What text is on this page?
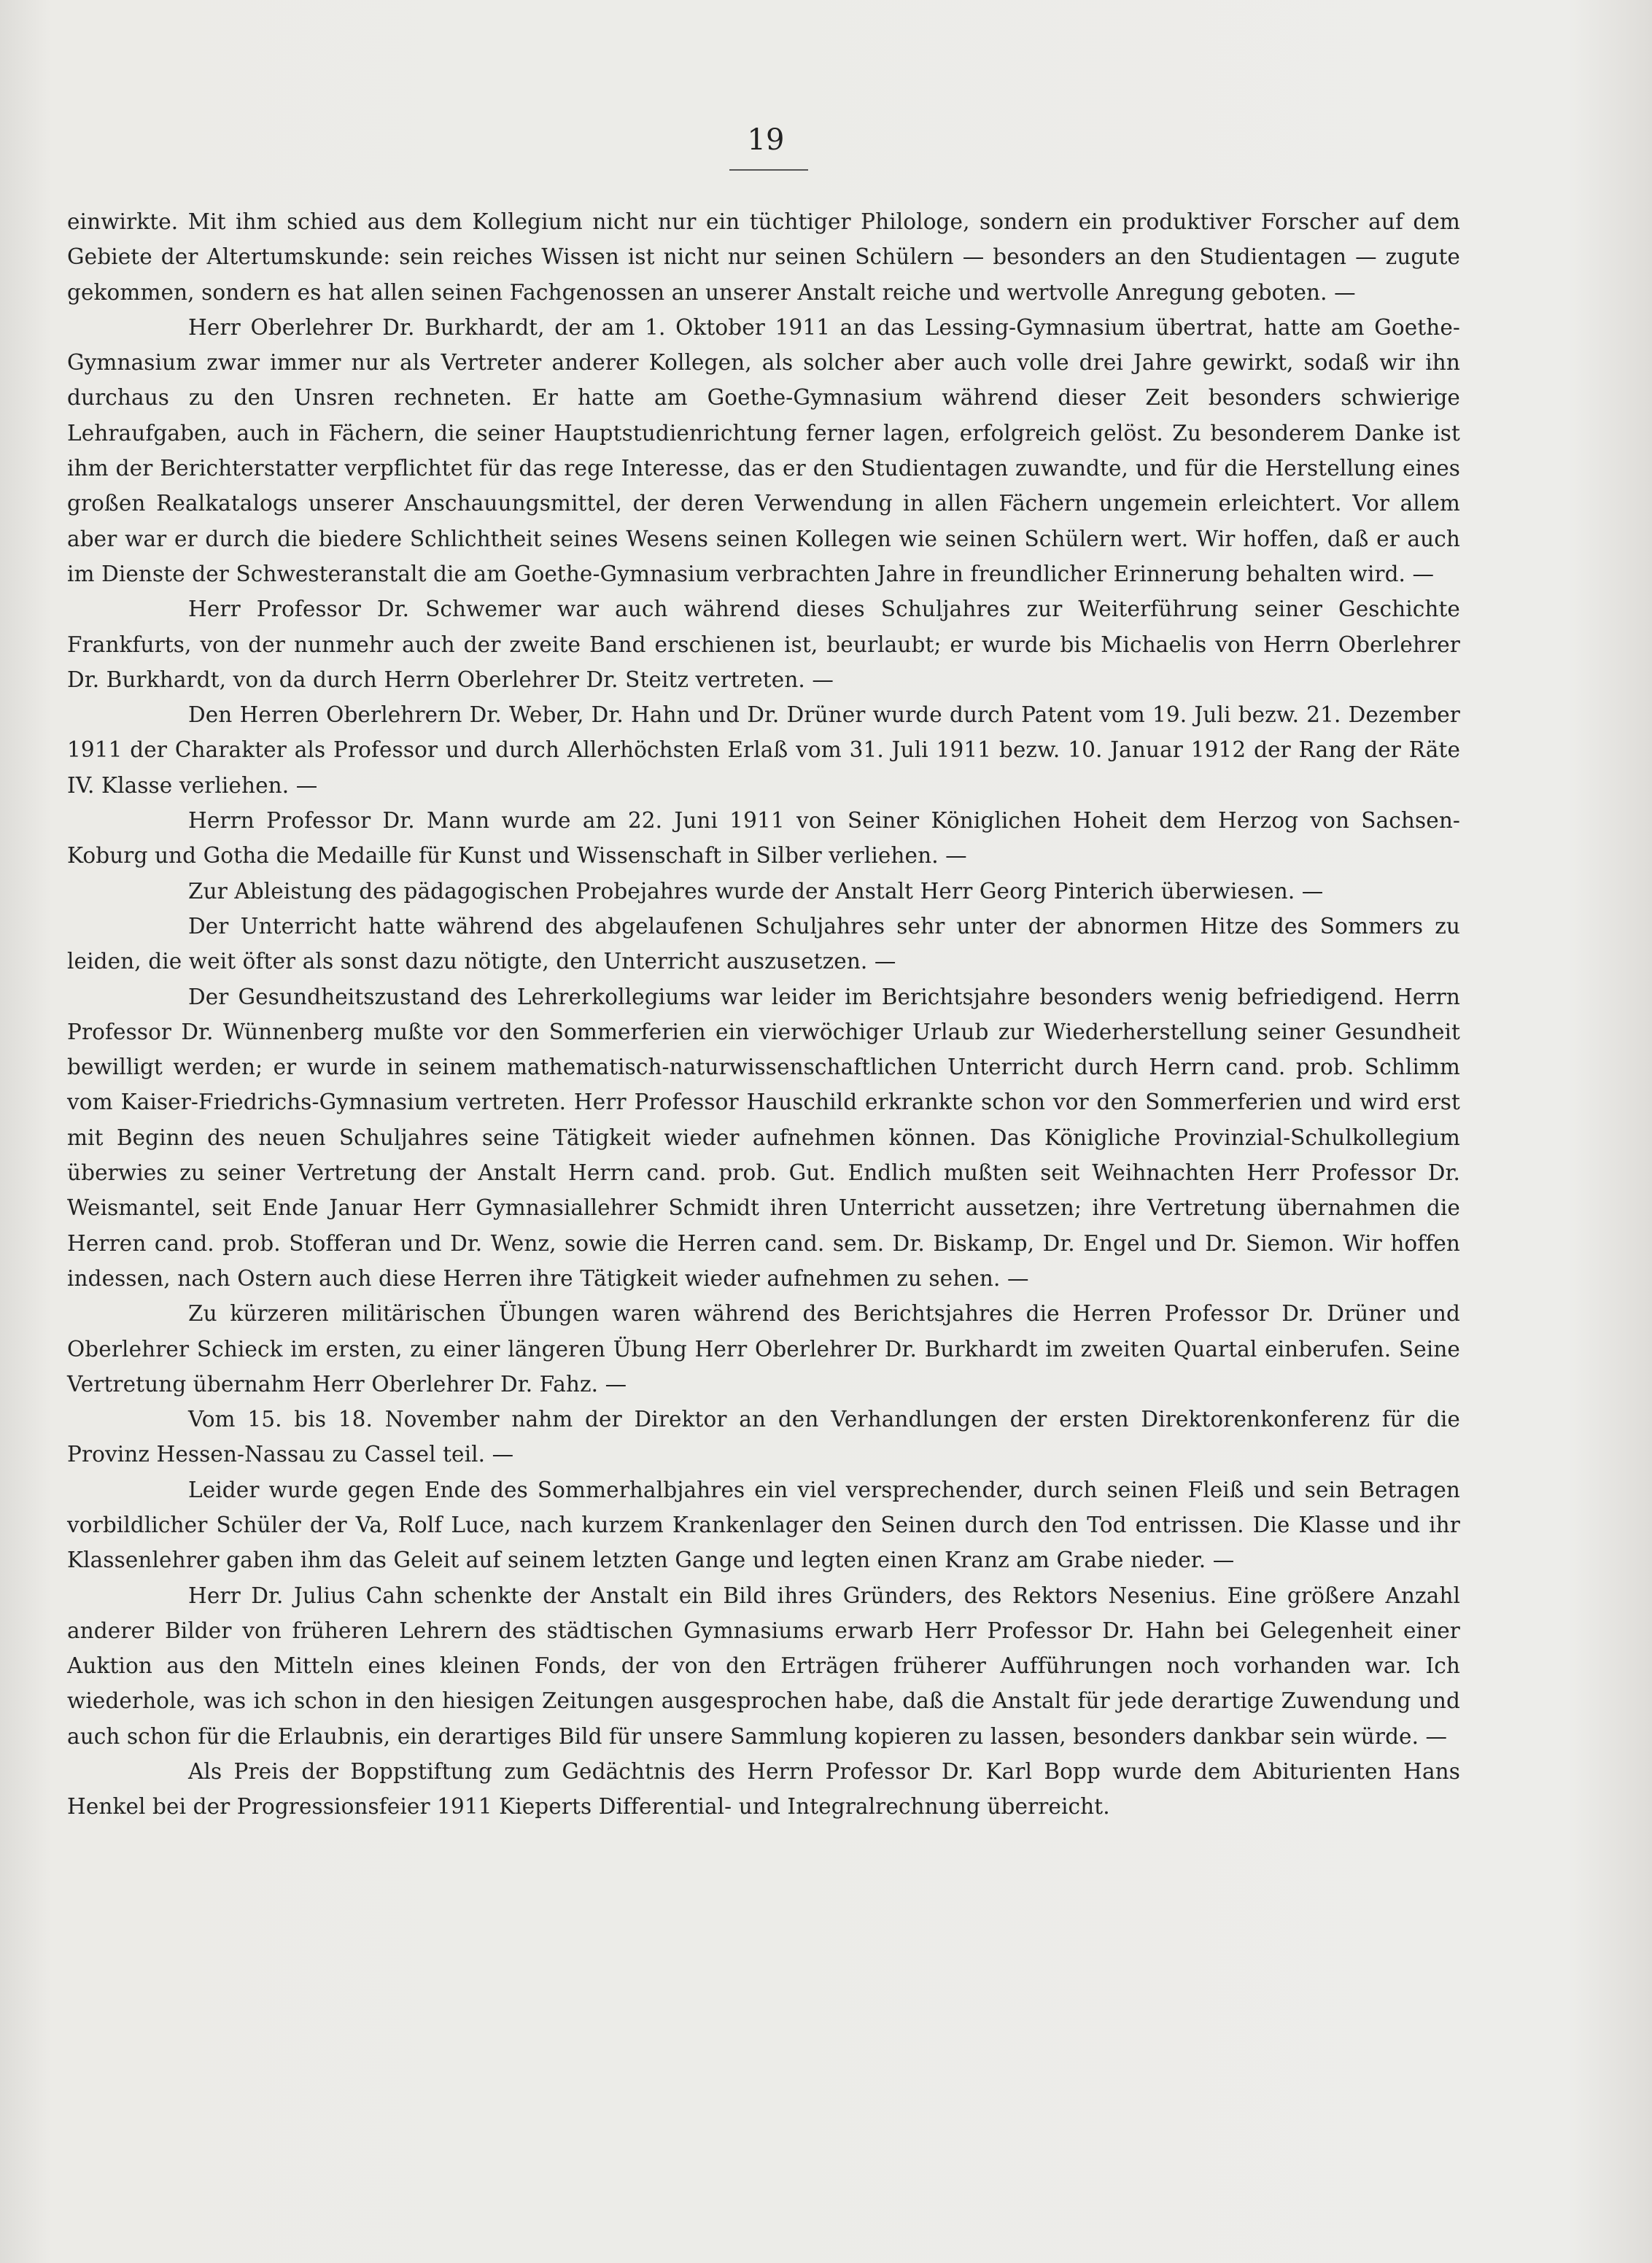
19

einwirkte. Mit ihm schied aus dem Kollegium nicht nur ein tüchtiger Philologe, sondern ein produktiver Forscher auf dem Gebiete der Altertumskunde: sein reiches Wissen ist nicht nur seinen Schülern — besonders an den Studientagen — zugute gekommen, sondern es hat allen seinen Fachgenossen an unserer Anstalt reiche und wertvolle Anregung geboten. —

Herr Oberlehrer Dr. Burkhardt, der am 1. Oktober 1911 an das Lessing-Gymnasium übertrat, hatte am Goethe-Gymnasium zwar immer nur als Vertreter anderer Kollegen, als solcher aber auch volle drei Jahre gewirkt, sodaß wir ihn durchaus zu den Unsren rechneten. Er hatte am Goethe-Gymnasium während dieser Zeit besonders schwierige Lehraufgaben, auch in Fächern, die seiner Hauptstudienrichtung ferner lagen, erfolgreich gelöst. Zu besonderem Danke ist ihm der Berichterstatter verpflichtet für das rege Interesse, das er den Studientagen zuwandte, und für die Herstellung eines großen Realkatalogs unserer Anschauungsmittel, der deren Verwendung in allen Fächern ungemein erleichtert. Vor allem aber war er durch die biedere Schlichtheit seines Wesens seinen Kollegen wie seinen Schülern wert. Wir hoffen, daß er auch im Dienste der Schwesteranstalt die am Goethe-Gymnasium verbrachten Jahre in freundlicher Erinnerung behalten wird. —

Herr Professor Dr. Schwemer war auch während dieses Schuljahres zur Weiterführung seiner Geschichte Frankfurts, von der nunmehr auch der zweite Band erschienen ist, beurlaubt; er wurde bis Michaelis von Herrn Oberlehrer Dr. Burkhardt, von da durch Herrn Oberlehrer Dr. Steitz vertreten. —

Den Herren Oberlehrern Dr. Weber, Dr. Hahn und Dr. Drüner wurde durch Patent vom 19. Juli bezw. 21. Dezember 1911 der Charakter als Professor und durch Allerhöchsten Erlaß vom 31. Juli 1911 bezw. 10. Januar 1912 der Rang der Räte IV. Klasse verliehen. —

Herrn Professor Dr. Mann wurde am 22. Juni 1911 von Seiner Königlichen Hoheit dem Herzog von Sachsen-Koburg und Gotha die Medaille für Kunst und Wissenschaft in Silber verliehen. —

Zur Ableistung des pädagogischen Probejahres wurde der Anstalt Herr Georg Pinterich überwiesen. —

Der Unterricht hatte während des abgelaufenen Schuljahres sehr unter der abnormen Hitze des Sommers zu leiden, die weit öfter als sonst dazu nötigte, den Unterricht auszusetzen. —

Der Gesundheitszustand des Lehrerkollegiums war leider im Berichtsjahre besonders wenig befriedigend. Herrn Professor Dr. Wünnenberg mußte vor den Sommerferien ein vierwöchiger Urlaub zur Wiederherstellung seiner Gesundheit bewilligt werden; er wurde in seinem mathematisch-naturwissenschaftlichen Unterricht durch Herrn cand. prob. Schlimm vom Kaiser-Friedrichs-Gymnasium vertreten. Herr Professor Hauschild erkrankte schon vor den Sommerferien und wird erst mit Beginn des neuen Schuljahres seine Tätigkeit wieder aufnehmen können. Das Königliche Provinzial-Schulkollegium überwies zu seiner Vertretung der Anstalt Herrn cand. prob. Gut. Endlich mußten seit Weihnachten Herr Professor Dr. Weismantel, seit Ende Januar Herr Gymnasiallehrer Schmidt ihren Unterricht aussetzen; ihre Vertretung übernahmen die Herren cand. prob. Stofferan und Dr. Wenz, sowie die Herren cand. sem. Dr. Biskamp, Dr. Engel und Dr. Siemon. Wir hoffen indessen, nach Ostern auch diese Herren ihre Tätigkeit wieder aufnehmen zu sehen. —

Zu kürzeren militärischen Übungen waren während des Berichtsjahres die Herren Professor Dr. Drüner und Oberlehrer Schieck im ersten, zu einer längeren Übung Herr Oberlehrer Dr. Burkhardt im zweiten Quartal einberufen. Seine Vertretung übernahm Herr Oberlehrer Dr. Fahz. —

Vom 15. bis 18. November nahm der Direktor an den Verhandlungen der ersten Direktorenkonferenz für die Provinz Hessen-Nassau zu Cassel teil. —

Leider wurde gegen Ende des Sommerhalbjahres ein viel versprechender, durch seinen Fleiß und sein Betragen vorbildlicher Schüler der Va, Rolf Luce, nach kurzem Krankenlager den Seinen durch den Tod entrissen. Die Klasse und ihr Klassenlehrer gaben ihm das Geleit auf seinem letzten Gange und legten einen Kranz am Grabe nieder. —

Herr Dr. Julius Cahn schenkte der Anstalt ein Bild ihres Gründers, des Rektors Nesenius. Eine größere Anzahl anderer Bilder von früheren Lehrern des städtischen Gymnasiums erwarb Herr Professor Dr. Hahn bei Gelegenheit einer Auktion aus den Mitteln eines kleinen Fonds, der von den Erträgen früherer Aufführungen noch vorhanden war. Ich wiederhole, was ich schon in den hiesigen Zeitungen ausgesprochen habe, daß die Anstalt für jede derartige Zuwendung und auch schon für die Erlaubnis, ein derartiges Bild für unsere Sammlung kopieren zu lassen, besonders dankbar sein würde. —

Als Preis der Boppstiftung zum Gedächtnis des Herrn Professor Dr. Karl Bopp wurde dem Abiturienten Hans Henkel bei der Progressionsfeier 1911 Kieperts Differential- und Integralrechnung überreicht.
